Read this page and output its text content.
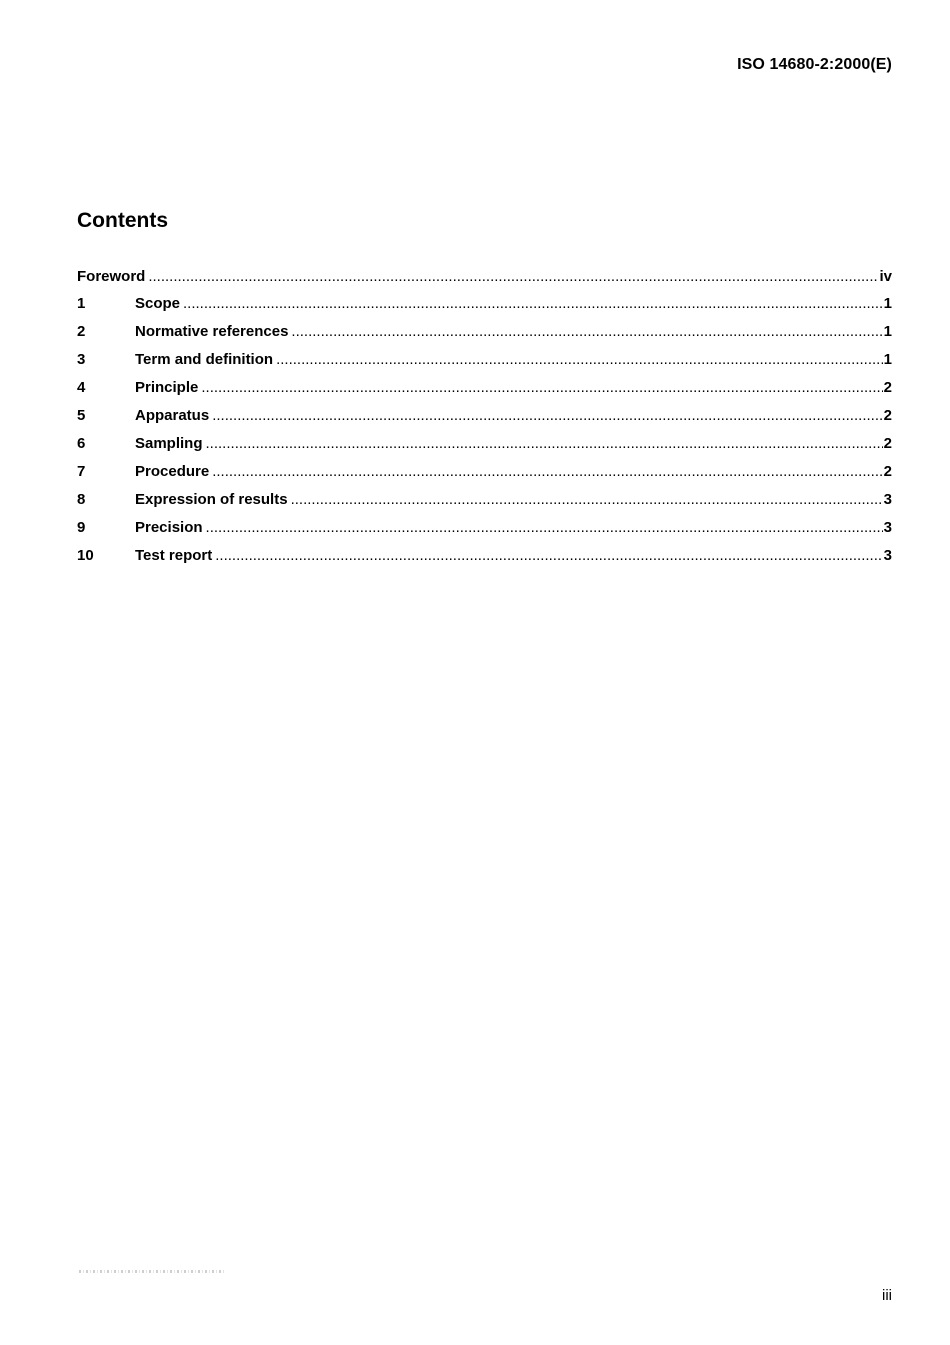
ISO 14680-2:2000(E)
Contents
Foreword .....	iv
1	Scope .....	1
2	Normative references .....	1
3	Term and definition .....	1
4	Principle .....	2
5	Apparatus .....	2
6	Sampling .....	2
7	Procedure .....	2
8	Expression of results .....	3
9	Precision .....	3
10	Test report .....	3
iii
